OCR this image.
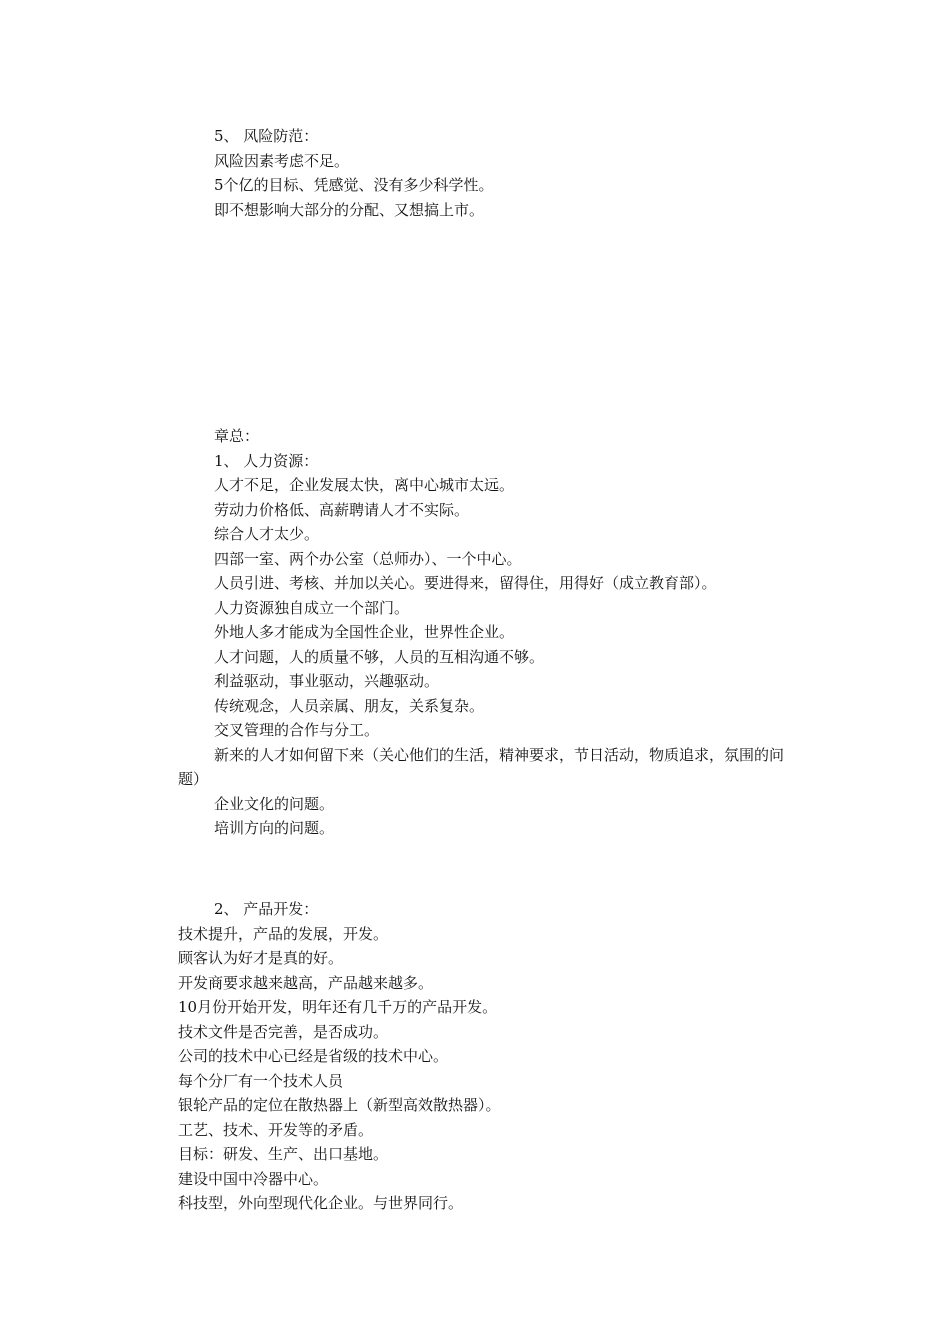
5、 风险防范：
风险因素考虑不足。
5个亿的目标、凭感觉、没有多少科学性。
即不想影响大部分的分配、又想搞上市。
章总：
1、 人力资源：
人才不足，企业发展太快，离中心城市太远。
劳动力价格低、高薪聘请人才不实际。
综合人才太少。
四部一室、两个办公室（总师办）、一个中心。
人员引进、考核、并加以关心。要进得来，留得住，用得好（成立教育部）。
人力资源独自成立一个部门。
外地人多才能成为全国性企业，世界性企业。
人才问题，人的质量不够，人员的互相沟通不够。
利益驱动，事业驱动，兴趣驱动。
传统观念，人员亲属、朋友，关系复杂。
交叉管理的合作与分工。
新来的人才如何留下来（关心他们的生活，精神要求，节日活动，物质追求，氛围的问题）
企业文化的问题。
培训方向的问题。
2、 产品开发：
技术提升，产品的发展，开发。
顾客认为好才是真的好。
开发商要求越来越高，产品越来越多。
10月份开始开发，明年还有几千万的产品开发。
技术文件是否完善，是否成功。
公司的技术中心已经是省级的技术中心。
每个分厂有一个技术人员
银轮产品的定位在散热器上（新型高效散热器）。
工艺、技术、开发等的矛盾。
目标：研发、生产、出口基地。
建设中国中冷器中心。
科技型，外向型现代化企业。与世界同行。
